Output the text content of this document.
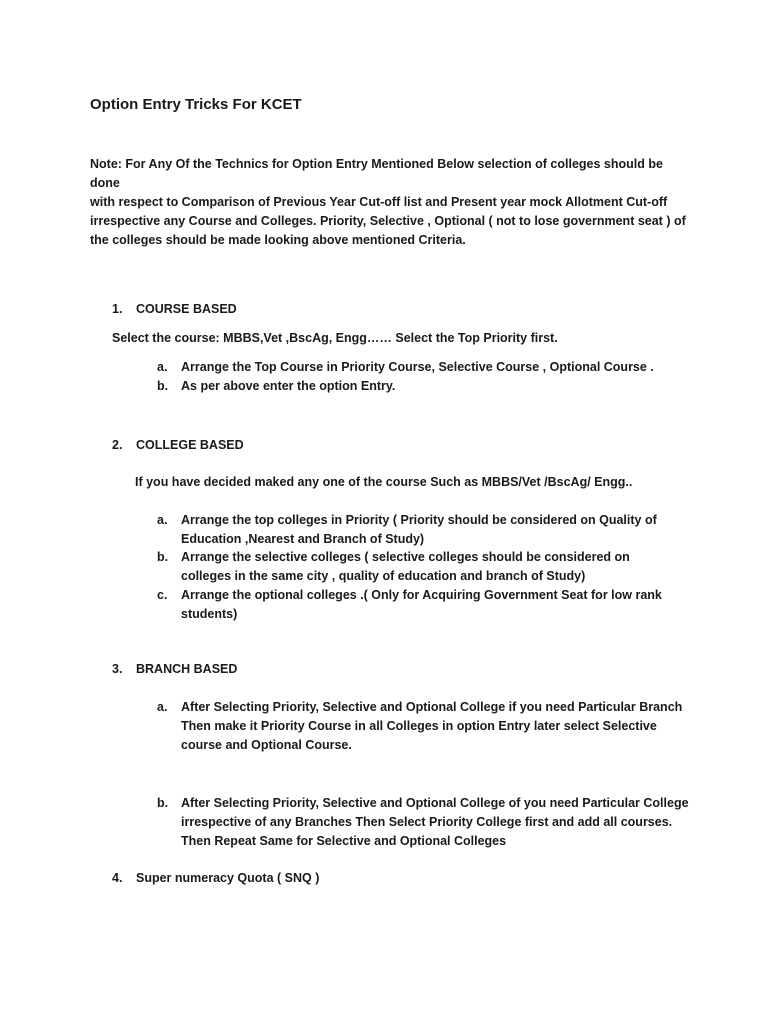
Option Entry Tricks For KCET

Note: For Any Of the Technics for Option Entry Mentioned Below selection of colleges should be done

with respect to Comparison of Previous Year Cut-off list and Present year mock Allotment Cut-off

irrespective any Course and Colleges. Priority, Selective , Optional ( not to lose government seat ) of

the colleges should be made looking above mentioned Criteria.

1. COURSE BASED
Select the course: MBBS,Vet ,BscAg, Engg…… Select the Top Priority first.
a. Arrange the Top Course in Priority Course, Selective Course , Optional Course .
b. As per above enter the option Entry.
2. COLLEGE BASED
If you have decided maked any one of the course Such as MBBS/Vet /BscAg/ Engg..
a. Arrange the top colleges in Priority ( Priority should be considered on Quality of Education ,Nearest and Branch of Study)
b. Arrange the selective colleges ( selective colleges should be considered on colleges in the same city , quality of education and branch of Study)
c. Arrange the optional colleges .( Only for Acquiring Government Seat for low rank students)
3. BRANCH BASED
a. After Selecting Priority, Selective and Optional College if you need Particular Branch Then make it Priority Course in all Colleges in option Entry later select Selective course and Optional Course.
b. After Selecting Priority, Selective and Optional College of you need Particular College irrespective of any Branches Then Select Priority College first and add all courses. Then Repeat Same for Selective and Optional Colleges
4. Super numeracy Quota ( SNQ )
